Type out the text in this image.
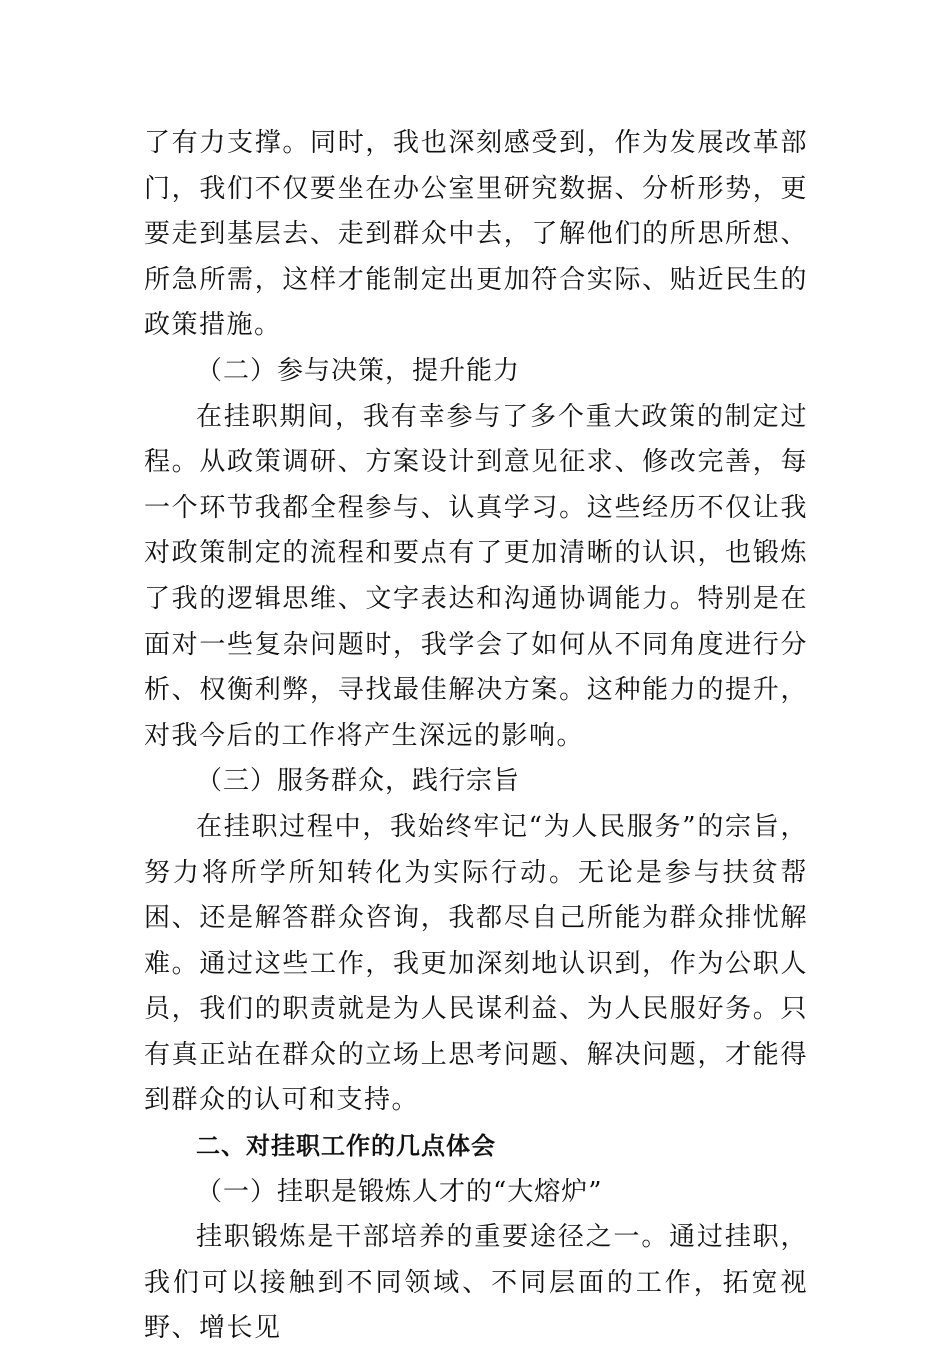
了有力支撑。同时，我也深刻感受到，作为发展改革部门，我们不仅要坐在办公室里研究数据、分析形势，更要走到基层去、走到群众中去，了解他们的所思所想、所急所需，这样才能制定出更加符合实际、贴近民生的政策措施。

（二）参与决策，提升能力

在挂职期间，我有幸参与了多个重大政策的制定过程。从政策调研、方案设计到意见征求、修改完善，每一个环节我都全程参与、认真学习。这些经历不仅让我对政策制定的流程和要点有了更加清晰的认识，也锻炼了我的逻辑思维、文字表达和沟通协调能力。特别是在面对一些复杂问题时，我学会了如何从不同角度进行分析、权衡利弊，寻找最佳解决方案。这种能力的提升，对我今后的工作将产生深远的影响。

（三）服务群众，践行宗旨

在挂职过程中，我始终牢记“为人民服务”的宗旨，努力将所学所知转化为实际行动。无论是参与扶贫帮困、还是解答群众咨询，我都尽自己所能为群众排忧解难。通过这些工作，我更加深刻地认识到，作为公职人员，我们的职责就是为人民谋利益、为人民服好务。只有真正站在群众的立场上思考问题、解决问题，才能得到群众的认可和支持。

二、对挂职工作的几点体会

（一）挂职是锻炼人才的“大熔炉”

挂职锻炼是干部培养的重要途径之一。通过挂职，我们可以接触到不同领域、不同层面的工作，拓宽视野、增长见
